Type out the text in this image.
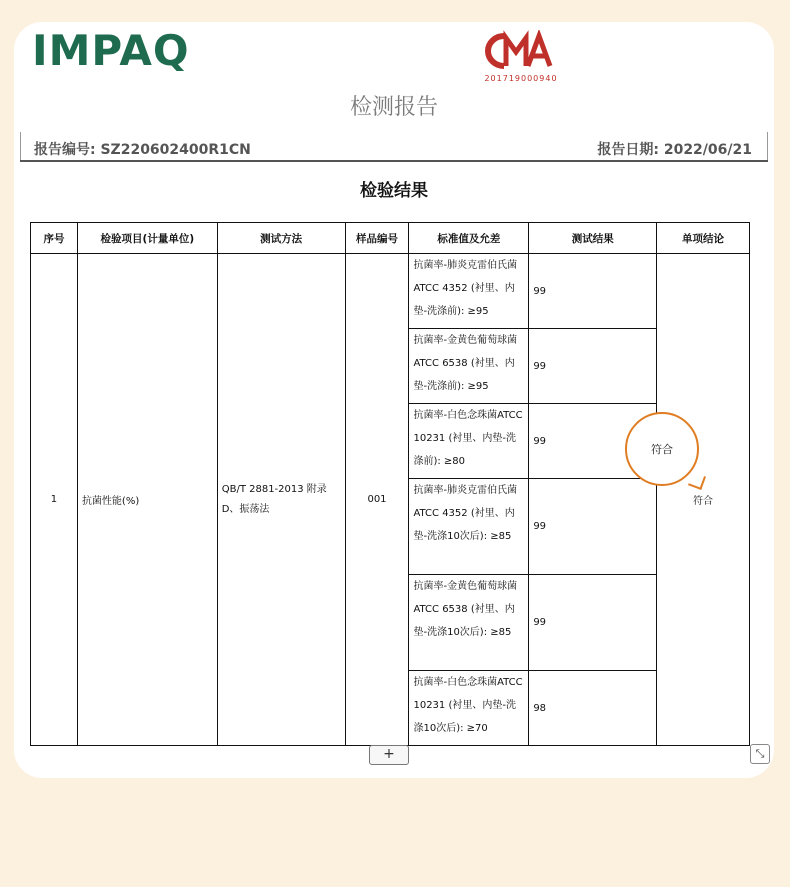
IMPAQ
201719000940
检测报告
报告编号: SZ220602400R1CN	报告日期: 2022/06/21
检验结果
序号	检验项目(计量单位)	测试方法	样品编号	标准值及允差	测试结果	单项结论
1	抗菌性能(%)	QB/T 2881-2013 附录D、振荡法	001	抗菌率-肺炎克雷伯氏菌ATCC 4352 (衬里、内垫-洗涤前): ≥95	99	符合
				抗菌率-金黄色葡萄球菌ATCC 6538 (衬里、内垫-洗涤前): ≥95	99	
				抗菌率-白色念珠菌ATCC 10231 (衬里、内垫-洗涤前): ≥80	99	
				抗菌率-肺炎克雷伯氏菌ATCC 4352 (衬里、内垫-洗涤10次后): ≥85	99	
				抗菌率-金黄色葡萄球菌ATCC 6538 (衬里、内垫-洗涤10次后): ≥85	99	
				抗菌率-白色念珠菌ATCC 10231 (衬里、内垫-洗涤10次后): ≥70	98	
符合
+	⤡
